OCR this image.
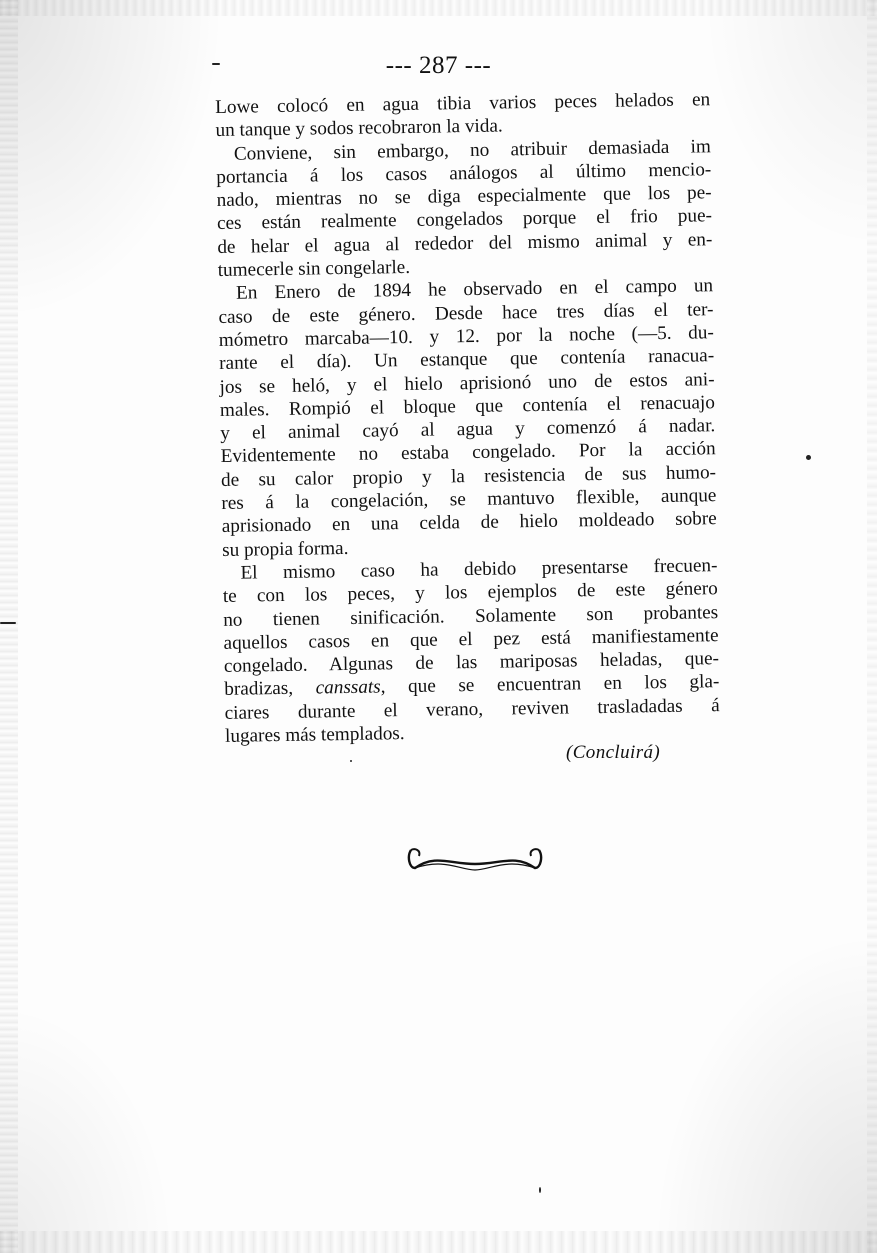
--- 287 ---

Lowe colocó en agua tibia varios peces helados en
un tanque y sodos recobraron la vida.

Conviene, sin embargo, no atribuir demasiada im
portancia á los casos análogos al último mencio-
nado, mientras no se diga especialmente que los pe-
ces están realmente congelados porque el frio pue-
de helar el agua al rededor del mismo animal y en-
tumecerle sin congelarle.

En Enero de 1894 he observado en el campo un
caso de este género. Desde hace tres días el ter-
mómetro marcaba—10. y 12. por la noche (—5. du-
rante el día). Un estanque que contenía ranacua-
jos se heló, y el hielo aprisionó uno de estos ani-
males. Rompió el bloque que contenía el renacuajo
y el animal cayó al agua y comenzó á nadar.
Evidentemente no estaba congelado. Por la acción
de su calor propio y la resistencia de sus humo-
res á la congelación, se mantuvo flexible, aunque
aprisionado en una celda de hielo moldeado sobre
su propia forma.

El mismo caso ha debido presentarse frecuen-
te con los peces, y los ejemplos de este género
no tienen sinificación. Solamente son probantes
aquellos casos en que el pez está manifiestamente
congelado. Algunas de las mariposas heladas, que-
bradizas, canssats, que se encuentran en los gla-
ciares durante el verano, reviven trasladadas á
lugares más templados.

(Concluirá)
